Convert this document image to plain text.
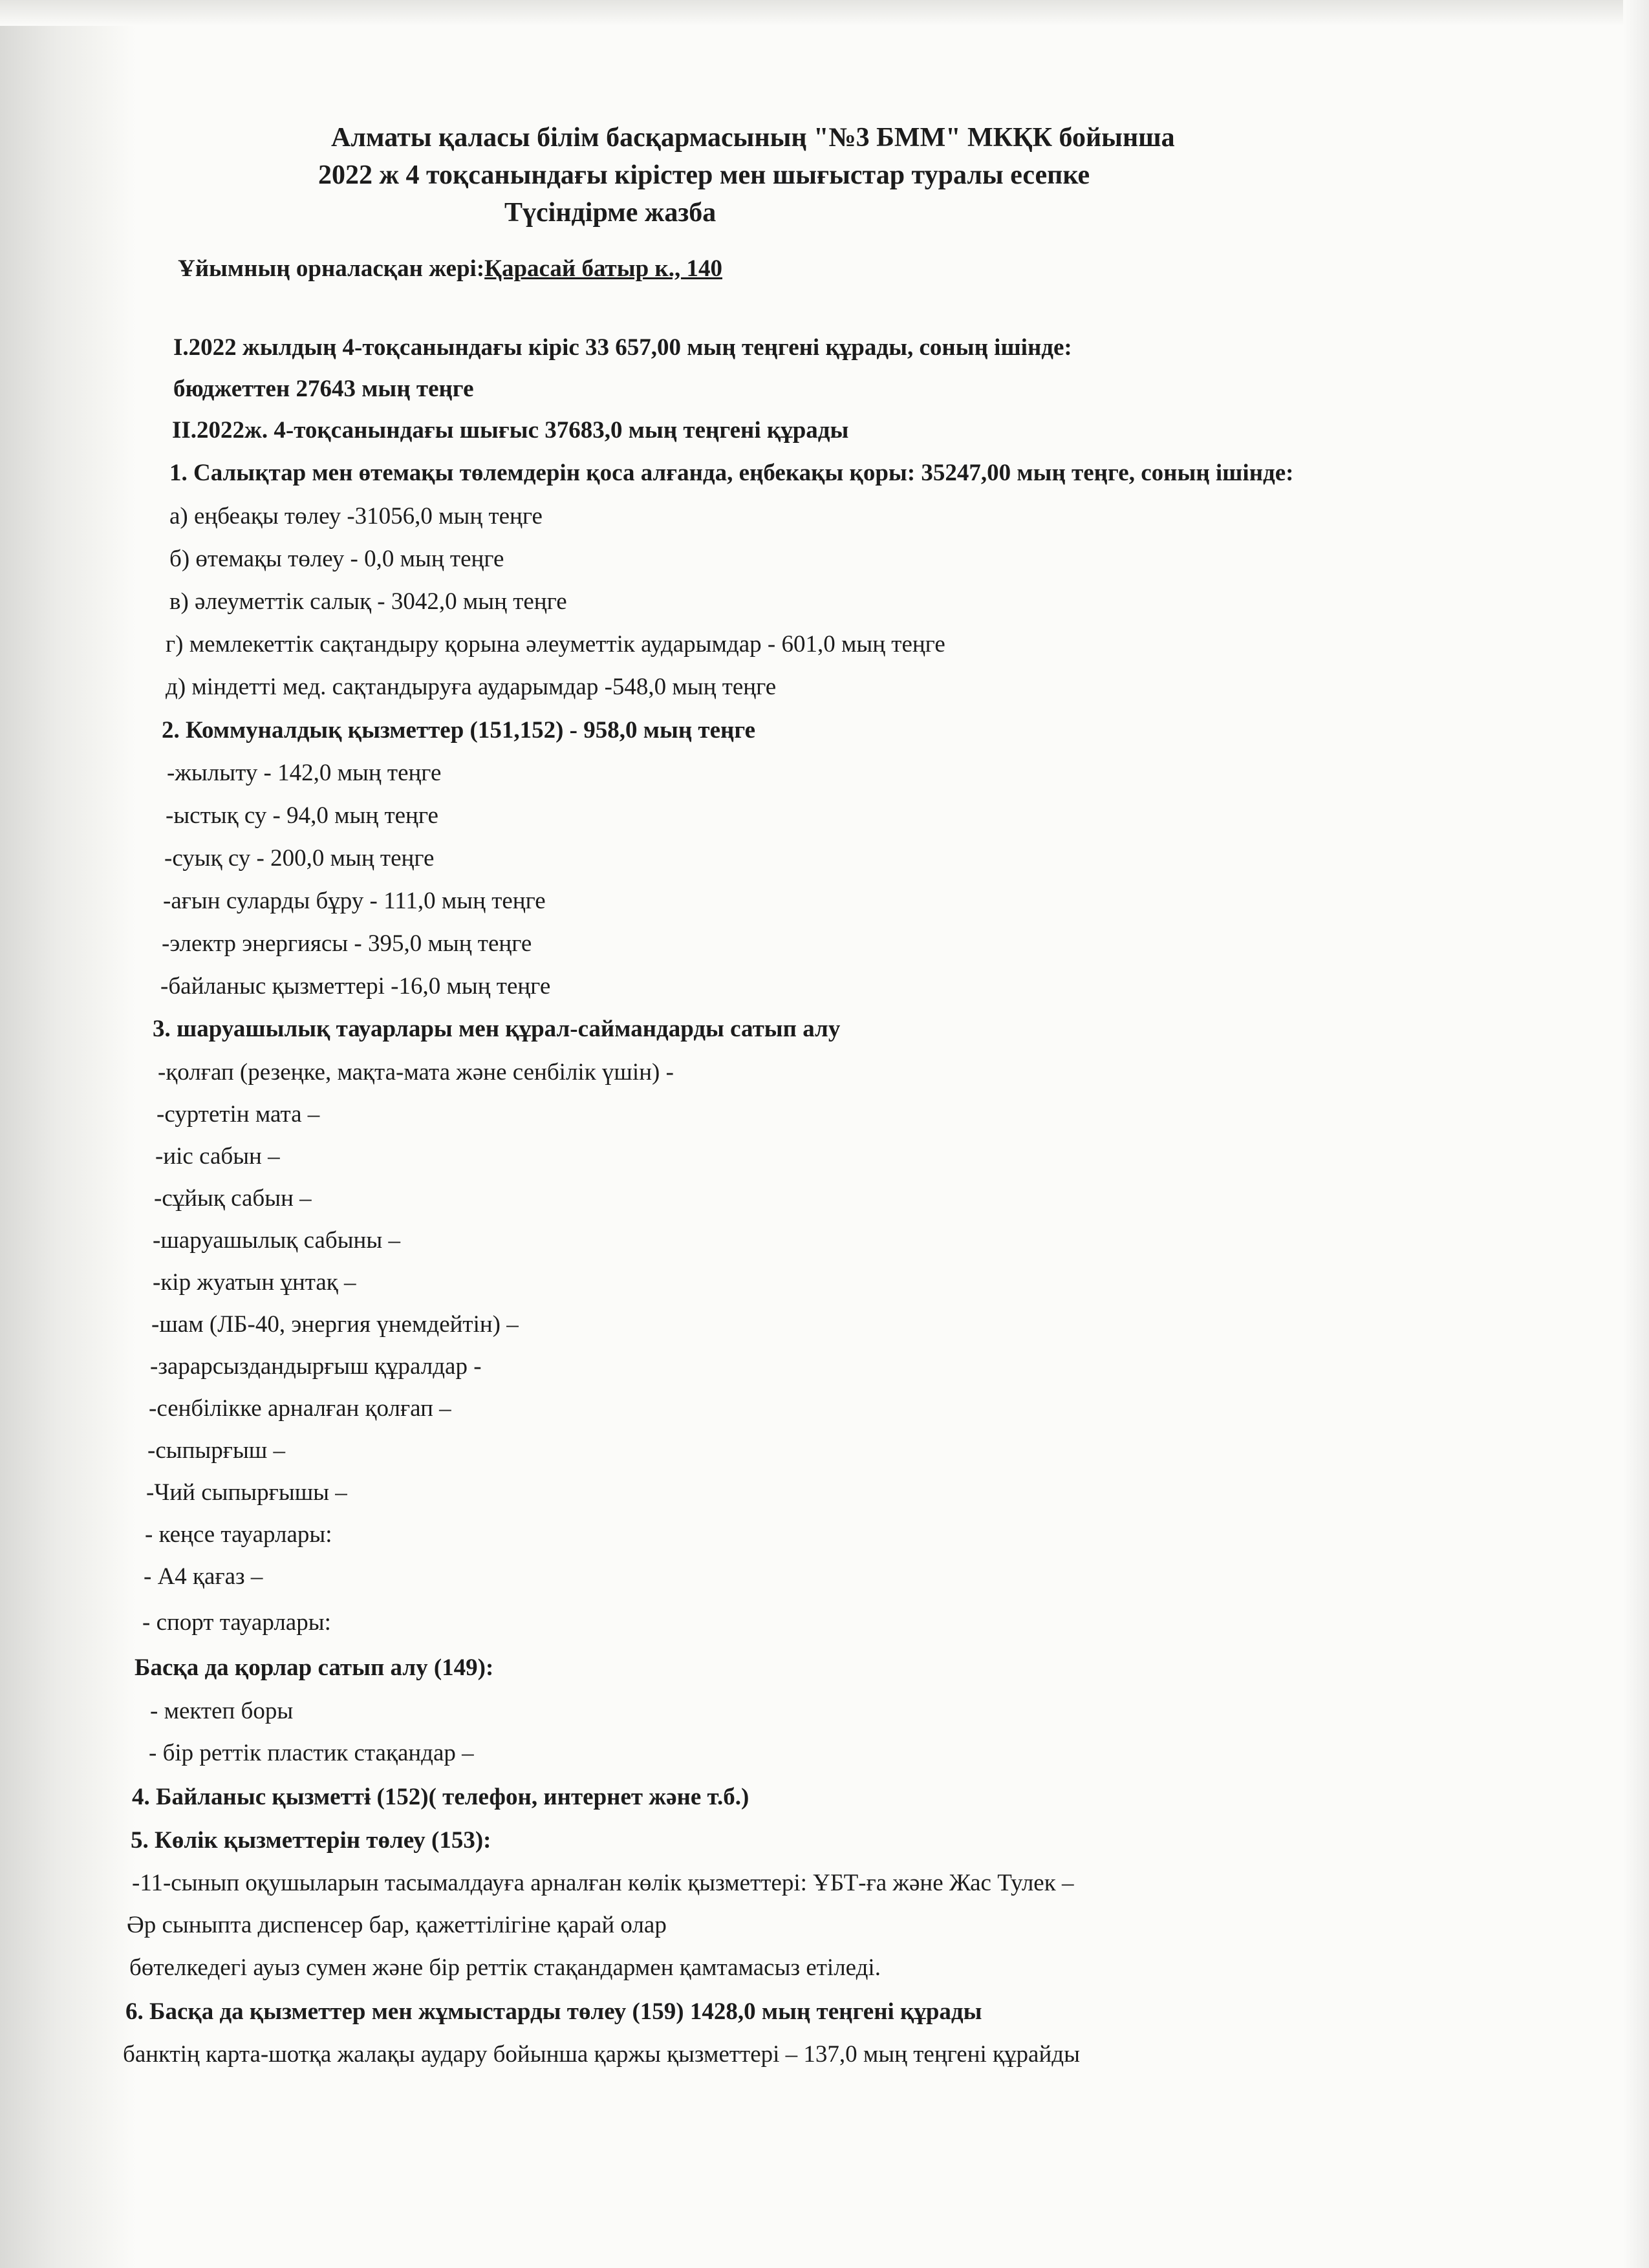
Алматы қаласы білім басқармасының "№3 БММ" МКҚК бойынша
2022 ж 4 тоқсанындағы кірістер мен шығыстар туралы есепке
Түсіндірме жазба
Ұйымның орналасқан жері:Қарасай батыр к., 140
I.2022 жылдың 4-тоқсанындағы кіріс 33 657,00 мың теңгені құрады, соның ішінде:
бюджеттен 27643 мың теңге
II.2022ж. 4-тоқсанындағы шығыс 37683,0 мың теңгені құрады
1. Салықтар мен өтемақы төлемдерін қоса алғанда, еңбекақы қоры: 35247,00 мың теңге, соның ішінде:
а) еңбеақы төлеу -31056,0 мың теңге
б) өтемақы төлеу - 0,0 мың теңге
в) әлеуметтік салық - 3042,0 мың теңге
г) мемлекеттік сақтандыру қорына әлеуметтік аударымдар - 601,0 мың теңге
д) міндетті мед. сақтандыруға аударымдар -548,0 мың теңге
2. Коммуналдық қызметтер (151,152) - 958,0 мың теңге
-жылыту - 142,0 мың теңге
-ыстық су - 94,0 мың теңге
-суық су - 200,0 мың теңге
-ағын суларды бұру - 111,0 мың теңге
-электр энергиясы - 395,0 мың теңге
-байланыс қызметтері -16,0 мың теңге
3. шаруашылық тауарлары мен құрал-саймандарды сатып алу
-қолғап (резеңке, мақта-мата және сенбілік үшін) -
-суртетін мата –
-иіс сабын –
-сұйық сабын –
-шаруашылық сабыны –
-кір жуатын ұнтақ –
-шам (ЛБ-40, энергия үнемдейтін) –
-зарарсыздандырғыш құралдар -
-сенбілікке арналған қолғап –
-сыпырғыш –
-Чий сыпырғышы –
- кеңсе тауарлары:
- А4 қағаз –
- спорт тауарлары:
Басқа да қорлар сатып алу (149):
- мектеп боры
- бір реттік пластик стақандар –
4. Байланыс қызметтɨ (152)( телефон, интернет және т.б.)
5. Көлік қызметтерін төлеу (153):
-11-сынып оқушыларын тасымалдауға арналған көлік қызметтері: ҰБТ-ға және Жас Тулек –
Әр сыныпта диспенсер бар, қажеттілігіне қарай олар
бөтелкедегі ауыз сумен және бір реттік стақандармен қамтамасыз етіледі.
6. Басқа да қызметтер мен жұмыстарды төлеу (159) 1428,0 мың теңгені құрады
банктің карта-шотқа жалақы аудару бойынша қаржы қызметтері – 137,0 мың теңгені құрайды
